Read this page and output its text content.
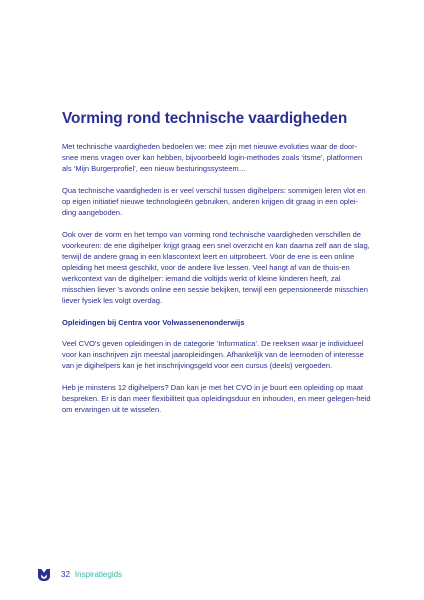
Vorming rond technische vaardigheden

Met technische vaardigheden bedoelen we: mee zijn met nieuwe evoluties waar de door-snee mens vragen over kan hebben, bijvoorbeeld login-methodes zoals ‘itsme’, platformen als ‘Mijn Burgerprofiel’, een nieuw besturingssysteem…

Qua technische vaardigheden is er veel verschil tussen digihelpers: sommigen leren vlot en op eigen initiatief nieuwe technologieën gebruiken, anderen krijgen dit graag in een oplei-ding aangeboden.

Ook over de vorm en het tempo van vorming rond technische vaardigheden verschillen de voorkeuren: de ene digihelper krijgt graag een snel overzicht en kan daarna zelf aan de slag, terwijl de andere graag in een klascontext leert en uitprobeert. Voor de ene is een online opleiding het meest geschikt, voor de andere live lessen. Veel hangt af van de thuis-en werkcontext van de digihelper: iemand die voltijds werkt of kleine kinderen heeft, zal misschien liever ’s avonds online een sessie bekijken, terwijl een gepensioneerde misschien liever fysiek les volgt overdag.

Opleidingen bij Centra voor Volwassenenonderwijs

Veel CVO’s geven opleidingen in de categorie ‘Informatica’. De reeksen waar je individueel voor kan inschrijven zijn meestal jaaropleidingen. Afhankelijk van de leernoden of interesse van je digihelpers kan je het inschrijvingsgeld voor een cursus (deels) vergoeden.

Heb je minstens 12 digihelpers? Dan kan je met het CVO in je buurt een opleiding op maat bespreken. Er is dan meer flexibiliteit qua opleidingsduur en inhouden, en meer gelegen-heid om ervaringen uit te wisselen.

32 Inspiratiegids
